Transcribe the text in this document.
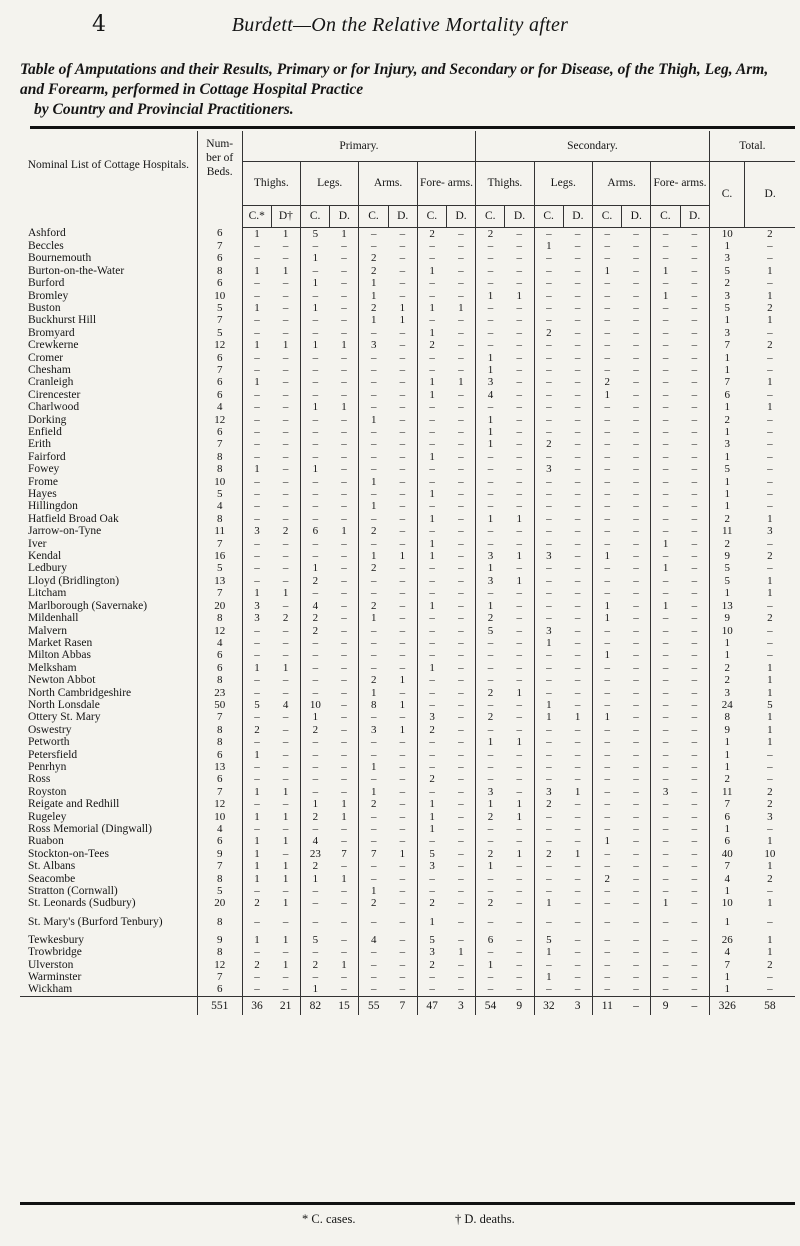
4	Burdett—On the Relative Mortality after
Table of Amputations and their Results, Primary or for Injury, and Secondary or for Disease, of the Thigh, Leg, Arm, and Forearm, performed in Cottage Hospital Practice
by Country and Provincial Practitioners.
Nominal List of Cottage Hospitals.	Num- ber of Beds.	Primary.								Secondary.								Total.	
		Thighs.		Legs.		Arms.		Fore- arms.		Thighs.		Legs.		Arms.		Fore- arms.		C.	D.
		C.*	D†	C.	D.	C.	D.	C.	D.	C.	D.	C.	D.	C.	D.	C.	D.		
Ashford	6	1	1	5	1	–	–	2	–	2	–	–	–	–	–	–	–	10	2
Beccles	7	–	–	–	–	–	–	–	–	–	–	1	–	–	–	–	–	1	–
Bournemouth	6	–	–	1	–	2	–	–	–	–	–	–	–	–	–	–	–	3	–
Burton-on-the-Water	8	1	1	–	–	2	–	1	–	–	–	–	–	1	–	1	–	5	1
Burford	6	–	–	1	–	1	–	–	–	–	–	–	–	–	–	–	–	2	–
Bromley	10	–	–	–	–	1	–	–	–	1	1	–	–	–	–	1	–	3	1
Buston	5	1	–	1	–	2	1	1	1	–	–	–	–	–	–	–	–	5	2
Buckhurst Hill	7	–	–	–	–	1	1	–	–	–	–	–	–	–	–	–	–	1	1
Bromyard	5	–	–	–	–	–	–	1	–	–	–	2	–	–	–	–	–	3	–
Crewkerne	12	1	1	1	1	3	–	2	–	–	–	–	–	–	–	–	–	7	2
Cromer	6	–	–	–	–	–	–	–	–	1	–	–	–	–	–	–	–	1	–
Chesham	7	–	–	–	–	–	–	–	–	1	–	–	–	–	–	–	–	1	–
Cranleigh	6	1	–	–	–	–	–	1	1	3	–	–	–	2	–	–	–	7	1
Cirencester	6	–	–	–	–	–	–	1	–	4	–	–	–	1	–	–	–	6	–
Charlwood	4	–	–	1	1	–	–	–	–	–	–	–	–	–	–	–	–	1	1
Dorking	12	–	–	–	–	1	–	–	–	1	–	–	–	–	–	–	–	2	–
Enfield	6	–	–	–	–	–	–	–	–	1	–	–	–	–	–	–	–	1	–
Erith	7	–	–	–	–	–	–	–	–	1	–	2	–	–	–	–	–	3	–
Fairford	8	–	–	–	–	–	–	1	–	–	–	–	–	–	–	–	–	1	–
Fowey	8	1	–	1	–	–	–	–	–	–	–	3	–	–	–	–	–	5	–
Frome	10	–	–	–	–	1	–	–	–	–	–	–	–	–	–	–	–	1	–
Hayes	5	–	–	–	–	–	–	1	–	–	–	–	–	–	–	–	–	1	–
Hillingdon	4	–	–	–	–	1	–	–	–	–	–	–	–	–	–	–	–	1	–
Hatfield Broad Oak	8	–	–	–	–	–	–	1	–	1	1	–	–	–	–	–	–	2	1
Jarrow-on-Tyne	11	3	2	6	1	2	–	–	–	–	–	–	–	–	–	–	–	11	3
Iver	7	–	–	–	–	–	–	1	–	–	–	–	–	–	–	1	–	2	–
Kendal	16	–	–	–	–	1	1	1	–	3	1	3	–	1	–	–	–	9	2
Ledbury	5	–	–	1	–	2	–	–	–	1	–	–	–	–	–	1	–	5	–
Lloyd (Bridlington)	13	–	–	2	–	–	–	–	–	3	1	–	–	–	–	–	–	5	1
Litcham	7	1	1	–	–	–	–	–	–	–	–	–	–	–	–	–	–	1	1
Marlborough (Savernake)	20	3	–	4	–	2	–	1	–	1	–	–	–	1	–	1	–	13	–
Mildenhall	8	3	2	2	–	1	–	–	–	2	–	–	–	1	–	–	–	9	2
Malvern	12	–	–	2	–	–	–	–	–	5	–	3	–	–	–	–	–	10	–
Market Rasen	4	–	–	–	–	–	–	–	–	–	–	1	–	–	–	–	–	1	–
Milton Abbas	6	–	–	–	–	–	–	–	–	–	–	–	–	1	–	–	–	1	–
Melksham	6	1	1	–	–	–	–	1	–	–	–	–	–	–	–	–	–	2	1
Newton Abbot	8	–	–	–	–	2	1	–	–	–	–	–	–	–	–	–	–	2	1
North Cambridgeshire	23	–	–	–	–	1	–	–	–	2	1	–	–	–	–	–	–	3	1
North Lonsdale	50	5	4	10	–	8	1	–	–	–	–	1	–	–	–	–	–	24	5
Ottery St. Mary	7	–	–	1	–	–	–	3	–	2	–	1	1	1	–	–	–	8	1
Oswestry	8	2	–	2	–	3	1	2	–	–	–	–	–	–	–	–	–	9	1
Petworth	8	–	–	–	–	–	–	–	–	1	1	–	–	–	–	–	–	1	1
Petersfield	6	1	–	–	–	–	–	–	–	–	–	–	–	–	–	–	–	1	–
Penrhyn	13	–	–	–	–	1	–	–	–	–	–	–	–	–	–	–	–	1	–
Ross	6	–	–	–	–	–	–	2	–	–	–	–	–	–	–	–	–	2	–
Royston	7	1	1	–	–	1	–	–	–	3	–	3	1	–	–	3	–	11	2
Reigate and Redhill	12	–	–	1	1	2	–	1	–	1	1	2	–	–	–	–	–	7	2
Rugeley	10	1	1	2	1	–	–	1	–	2	1	–	–	–	–	–	–	6	3
Ross Memorial (Dingwall)	4	–	–	–	–	–	–	1	–	–	–	–	–	–	–	–	–	1	–
Ruabon	6	1	1	4	–	–	–	–	–	–	–	–	–	1	–	–	–	6	1
Stockton-on-Tees	9	1	–	23	7	7	1	5	–	2	1	2	1	–	–	–	–	40	10
St. Albans	7	1	1	2	–	–	–	3	–	1	–	–	–	–	–	–	–	7	1
Seacombe	8	1	1	1	1	–	–	–	–	–	–	–	–	2	–	–	–	4	2
Stratton (Cornwall)	5	–	–	–	–	1	–	–	–	–	–	–	–	–	–	–	–	1	–
St. Leonards (Sudbury)	20	2	1	–	–	2	–	2	–	2	–	1	–	–	–	1	–	10	1
St. Mary's (Burford Tenbury)	8	–	–	–	–	–	–	1	–	–	–	–	–	–	–	–	–	1	–
Tewkesbury	9	1	1	5	–	4	–	5	–	6	–	5	–	–	–	–	–	26	1
Trowbridge	8	–	–	–	–	–	–	3	1	–	–	1	–	–	–	–	–	4	1
Ulverston	12	2	1	2	1	–	–	2	–	1	–	–	–	–	–	–	–	7	2
Warminster	7	–	–	–	–	–	–	–	–	–	–	1	–	–	–	–	–	1	–
Wickham	6	–	–	1	–	–	–	–	–	–	–	–	–	–	–	–	–	1	–
	551	36	21	82	15	55	7	47	3	54	9	32	3	11	–	9	–	326	58
* C. cases.	† D. deaths.
